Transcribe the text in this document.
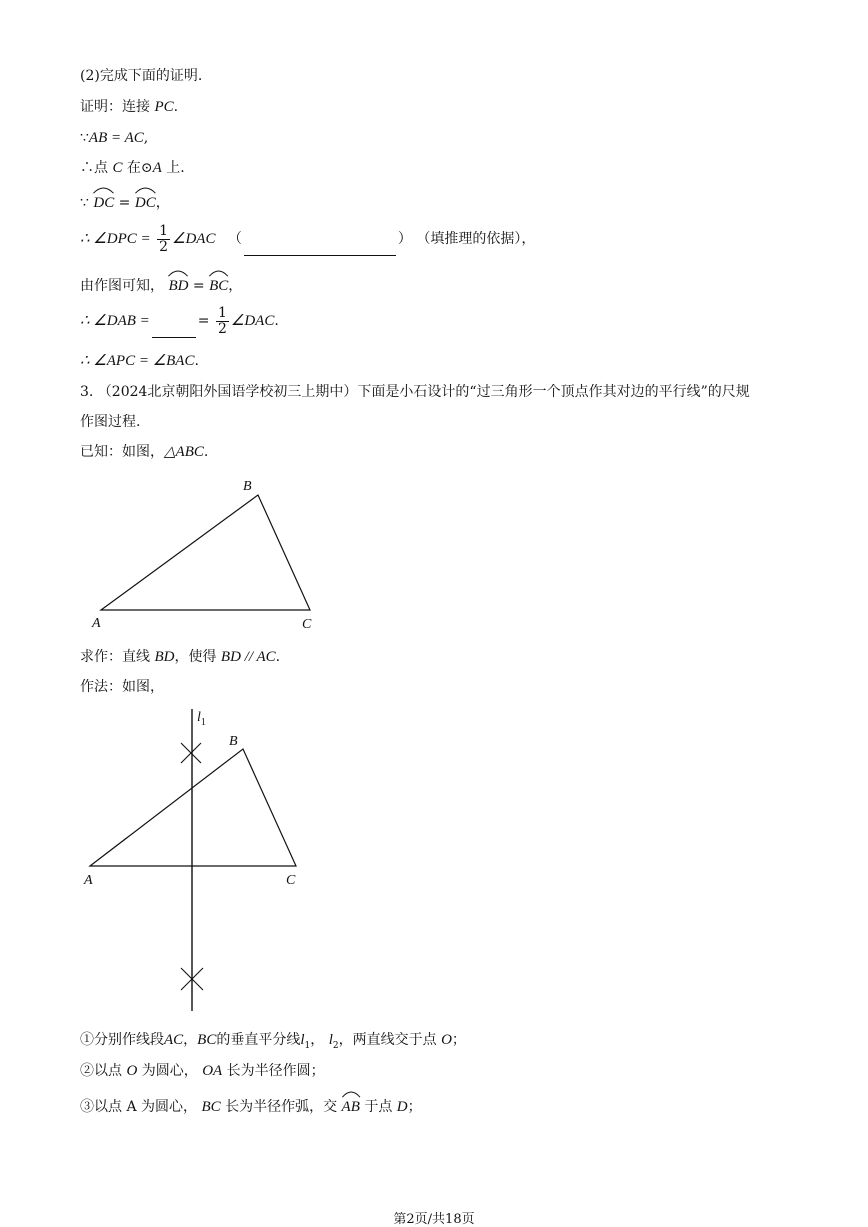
(2)完成下面的证明.
证明：连接 PC.
∵AB = AC,
∴点 C 在⊙A 上.
∵ DC = DC，
∴ ∠DPC = $\frac{1}{2}$ ∠DAC （	） （填推理的依据），
由作图可知， BD = BC，
∴ ∠DAB =	= $\frac{1}{2}$ ∠DAC.
∴ ∠APC = ∠BAC.
3. （2024北京朝阳外国语学校初三上期中）下面是小石设计的“过三角形一个顶点作其对边的平行线”的尺规
作图过程.
已知：如图，△ABC.
A
B
C
求作：直线 BD，使得 BD // AC.
作法：如图，
$l_1$
B
A	C
①分别作线段AC，BC的垂直平分线$l_1$， $l_2$，两直线交于点 O；
②以点 O 为圆心， OA 长为半径作圆；
③以点 A 为圆心， BC 长为半径作弧，交 AB 于点 D；
第2页/共18页
